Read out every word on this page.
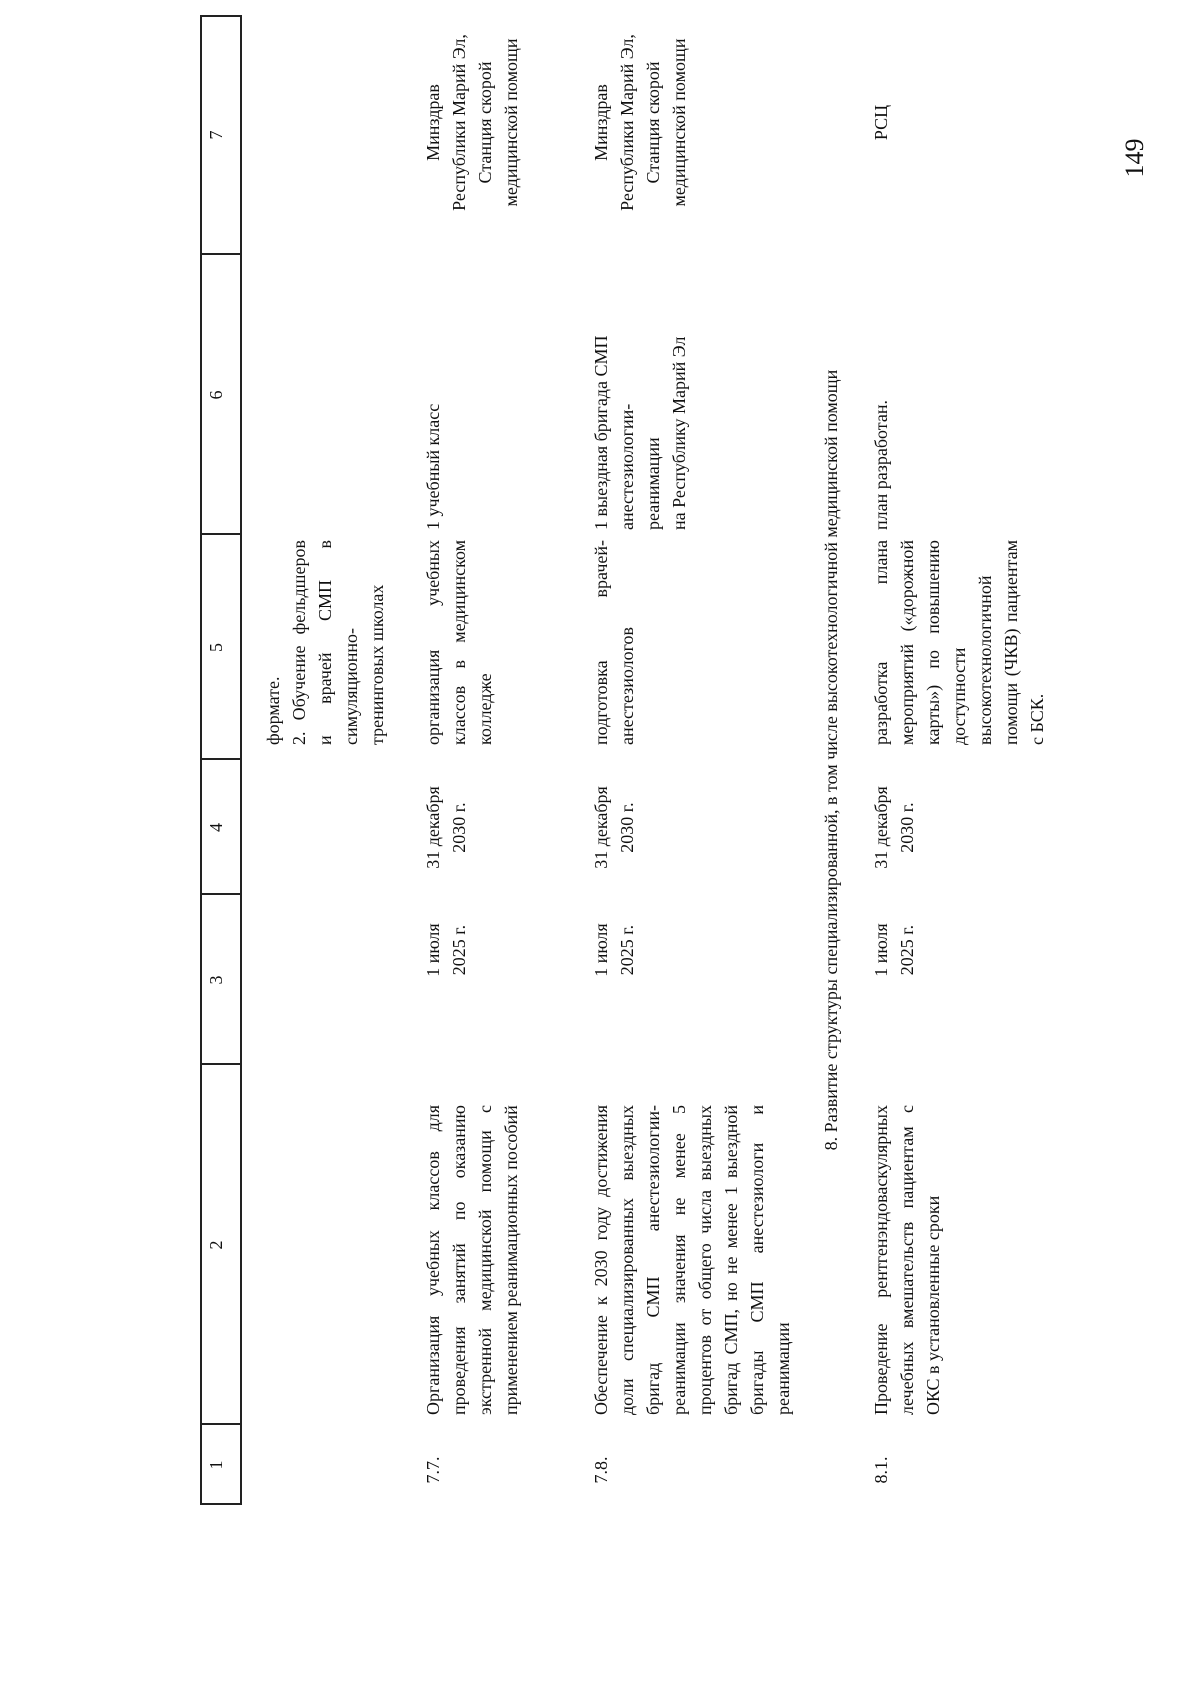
149
1
2
3
4
5
6
7
формате.
2. Обучение фельдшеров и врачей СМП в симуляционно-тренинговых школах
7.7.
Организация учебных классов для проведения занятий по оказанию экстренной медицинской помощи с применением реанимационных пособий
1 июля
2025 г.
31 декабря
2030 г.
организация учебных классов в медицинском колледже
1 учебный класс
Минздрав
Республики Марий Эл,
Станция скорой
медицинской помощи
7.8.
Обеспечение к 2030 году достижения доли специализированных выездных бригад СМП анестезиологии-реанимации значения не менее 5 процентов от общего числа выездных бригад СМП, но не менее 1 выездной бригады СМП анестезиологи и реанимации
1 июля
2025 г.
31 декабря
2030 г.
подготовка врачей-анестезиологов
1 выездная бригада СМП анестезиологии-реанимации
на Республику Марий Эл
Минздрав
Республики Марий Эл,
Станция скорой
медицинской помощи
8. Развитие структуры специализированной, в том числе высокотехнологичной медицинской помощи
8.1.
Проведение рентгенэндоваскулярных лечебных вмешательств пациентам с ОКС в установленные сроки
1 июля
2025 г.
31 декабря
2030 г.
разработка плана мероприятий («дорожной карты») по повышению доступности высокотехнологичной помощи (ЧКВ) пациентам с БСК.
план разработан.
РСЦ
